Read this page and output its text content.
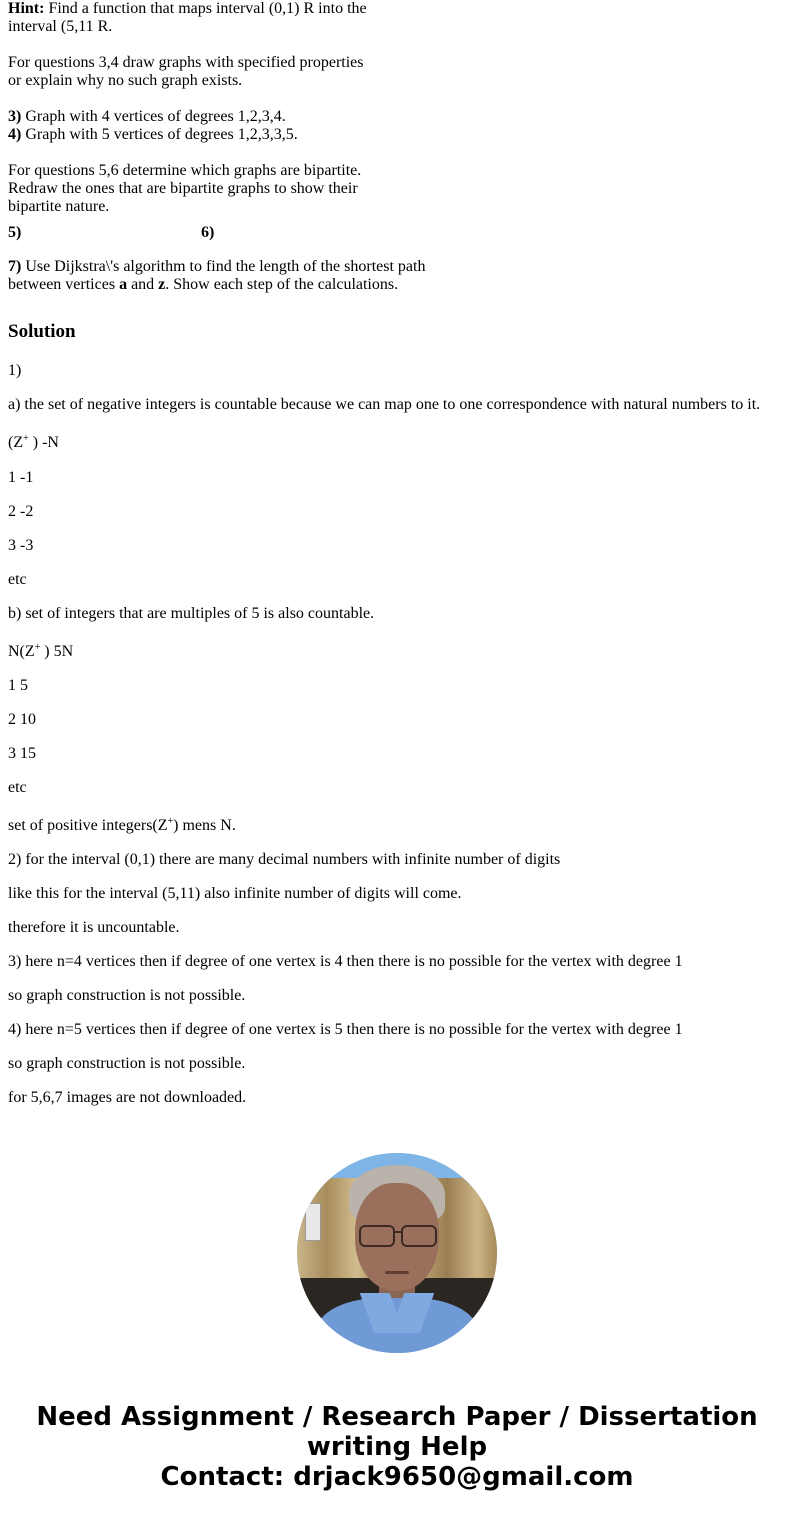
Hint: Find a function that maps interval (0,1) R into the
interval (5,11 R.
For questions 3,4 draw graphs with specified properties
or explain why no such graph exists.
3) Graph with 4 vertices of degrees 1,2,3,4.
4) Graph with 5 vertices of degrees 1,2,3,3,5.
For questions 5,6 determine which graphs are bipartite.
Redraw the ones that are bipartite graphs to show their
bipartite nature.
5)	6)
7) Use Dijkstra\'s algorithm to find the length of the shortest path
between vertices a and z. Show each step of the calculations.
Solution
1)
a) the set of negative integers is countable because we can map one to one correspondence with natural numbers to it.
(Z+ ) -N
1 -1
2 -2
3 -3
etc
b) set of integers that are multiples of 5 is also countable.
N(Z+ ) 5N
1 5
2 10
3 15
etc
set of positive integers(Z+) mens N.
2) for the interval (0,1) there are many decimal numbers with infinite number of digits
like this for the interval (5,11) also infinite number of digits will come.
therefore it is uncountable.
3) here n=4 vertices then if degree of one vertex is 4 then there is no possible for the vertex with degree 1
so graph construction is not possible.
4) here n=5 vertices then if degree of one vertex is 5 then there is no possible for the vertex with degree 1
so graph construction is not possible.
for 5,6,7 images are not downloaded.
Need Assignment / Research Paper / Dissertation
writing Help
Contact: drjack9650@gmail.com
